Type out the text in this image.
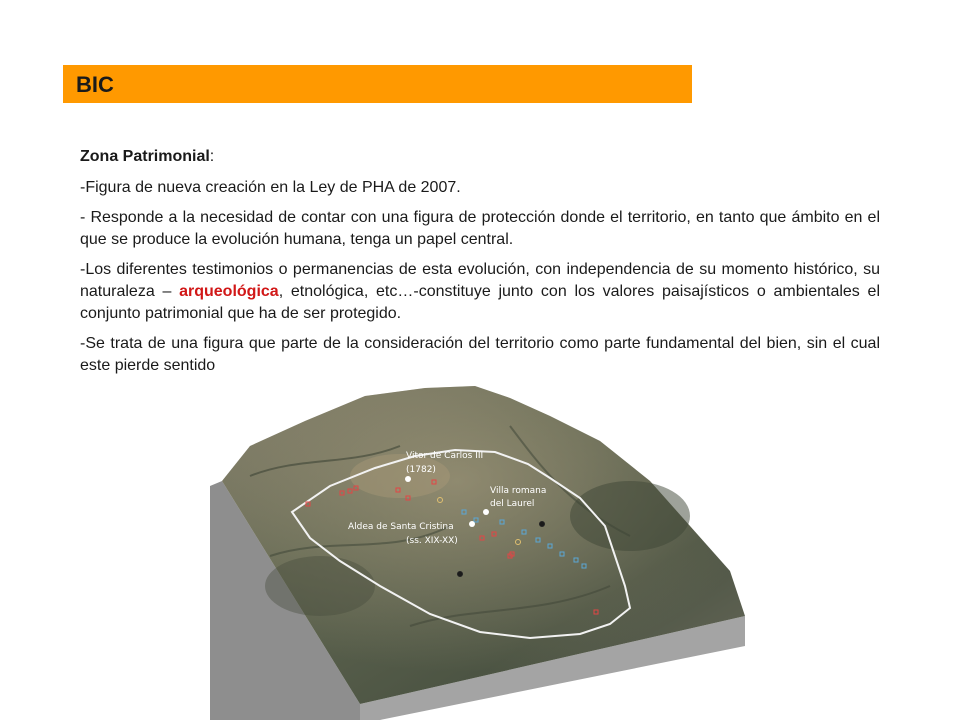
BIC

Zona Patrimonial:

-Figura de nueva creación en la Ley de PHA de 2007.

- Responde a la necesidad de contar con una figura de protección donde el territorio, en tanto que ámbito en el que se produce la evolución humana, tenga un papel central.

-Los diferentes testimonios o permanencias de esta evolución, con independencia de su momento histórico, su naturaleza – arqueológica, etnológica, etc…-constituye junto con los valores paisajísticos o ambientales el conjunto patrimonial que ha de ser protegido.

-Se trata de una figura que parte de la consideración del territorio como parte fundamental del bien, sin el cual este pierde sentido

Vitor de Carlos III
(1782)
Villa romana
del Laurel
Aldea de Santa Cristina
(ss. XIX-XX)
